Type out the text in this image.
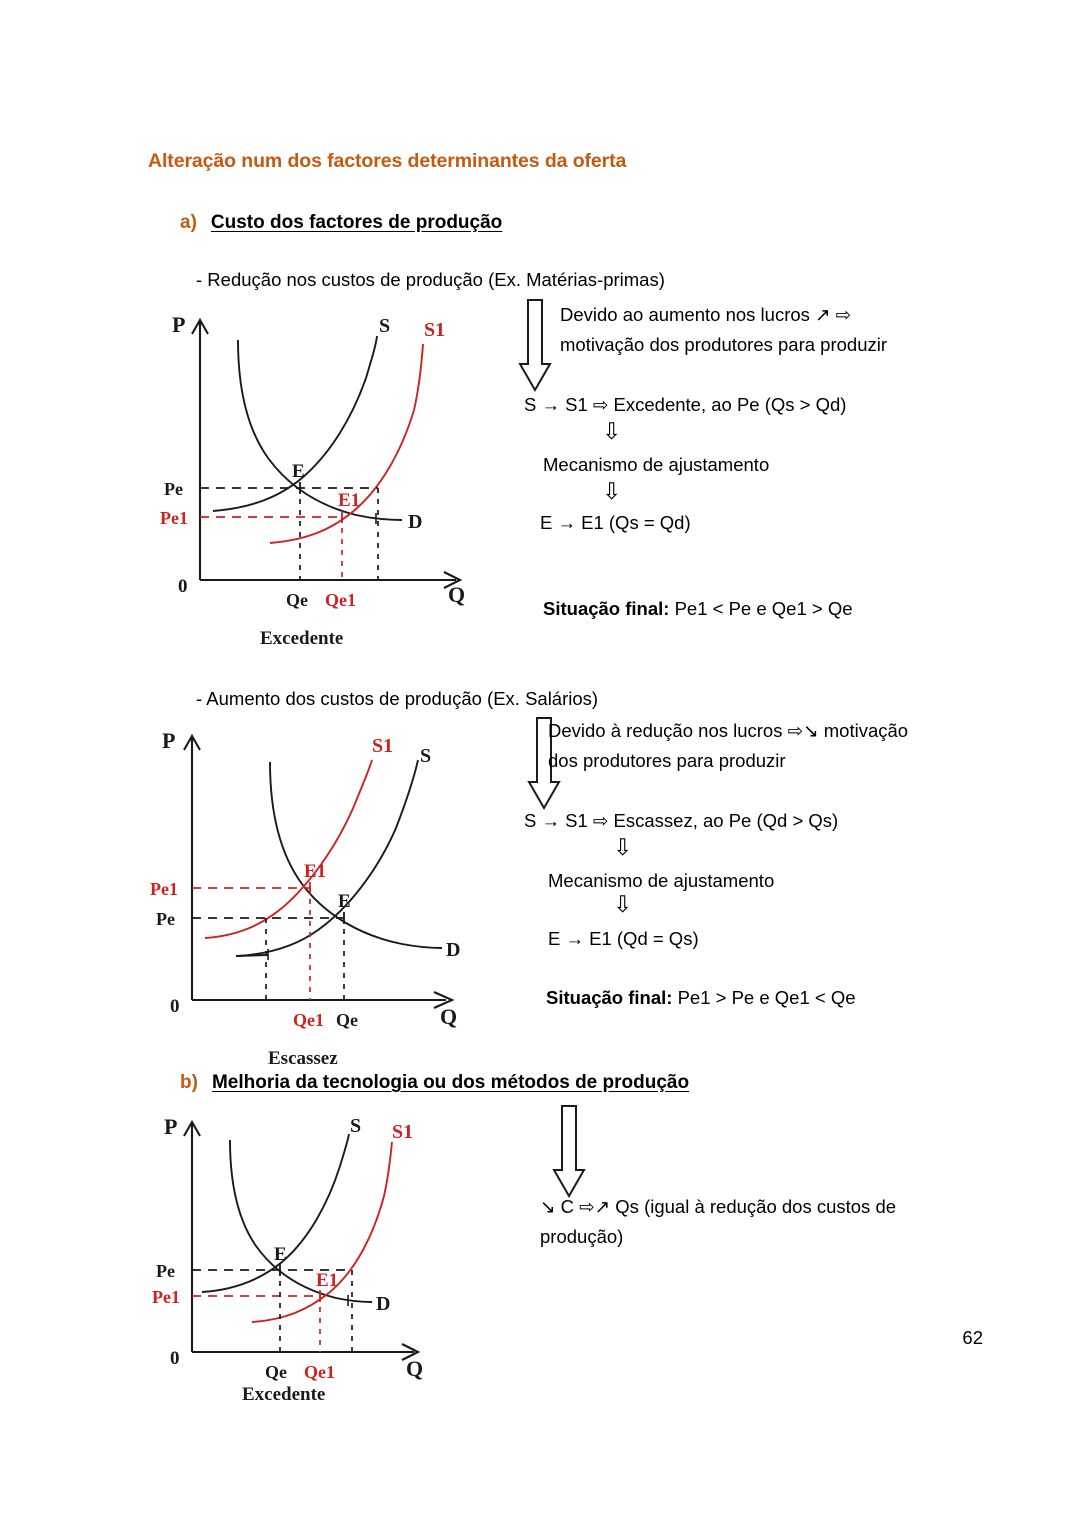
Alteração num dos factores determinantes da oferta
a) Custo dos factores de produção
- Redução nos custos de produção (Ex. Matérias-primas)
P
Q
0
Pe
Pe1
Qe Qe1
E
E1
S S1
D
Excedente
Devido ao aumento nos lucros ↗ ⇨
motivação dos produtores para produzir
S → S1 ⇨ Excedente, ao Pe (Qs > Qd)
⇩
Mecanismo de ajustamento
⇩
E → E1 (Qs = Qd)
Situação final: Pe1 < Pe e Qe1 > Qe
- Aumento dos custos de produção (Ex. Salários)
P
Q
0
Pe1
Pe
Qe1 Qe
E1
E
S1 S
D
Escassez
Devido à redução nos lucros ⇨↘ motivação
dos produtores para produzir
S → S1 ⇨ Escassez, ao Pe (Qd > Qs)
⇩
Mecanismo de ajustamento
⇩
E → E1 (Qd = Qs)
Situação final: Pe1 > Pe e Qe1 < Qe
b) Melhoria da tecnologia ou dos métodos de produção
P
Q
0
Pe
Pe1
Qe Qe1
E
E1
S S1
D
Excedente
↘ C ⇨↗ Qs (igual à redução dos custos de
produção)
62
